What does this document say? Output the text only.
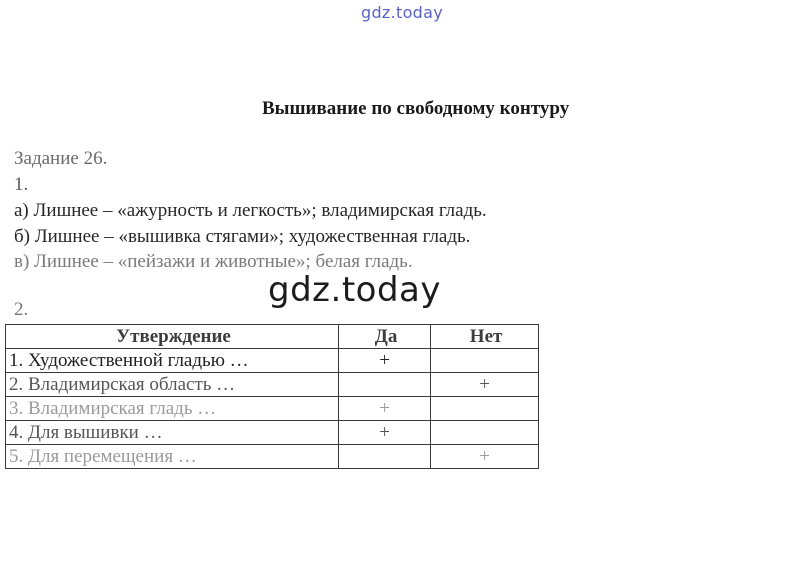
gdz.today
Вышивание по свободному контуру
Задание 26.
1.
а) Лишнее – «ажурность и легкость»; владимирская гладь.
б) Лишнее – «вышивка стягами»; художественная гладь.
в) Лишнее – «пейзажи и животные»; белая гладь.
gdz.today
2.
Утверждение	Да	Нет
1. Художественной гладью …	+	
2. Владимирская область …		+
3. Владимирская гладь …	+	
4. Для вышивки …	+	
5. Для перемещения …		+
